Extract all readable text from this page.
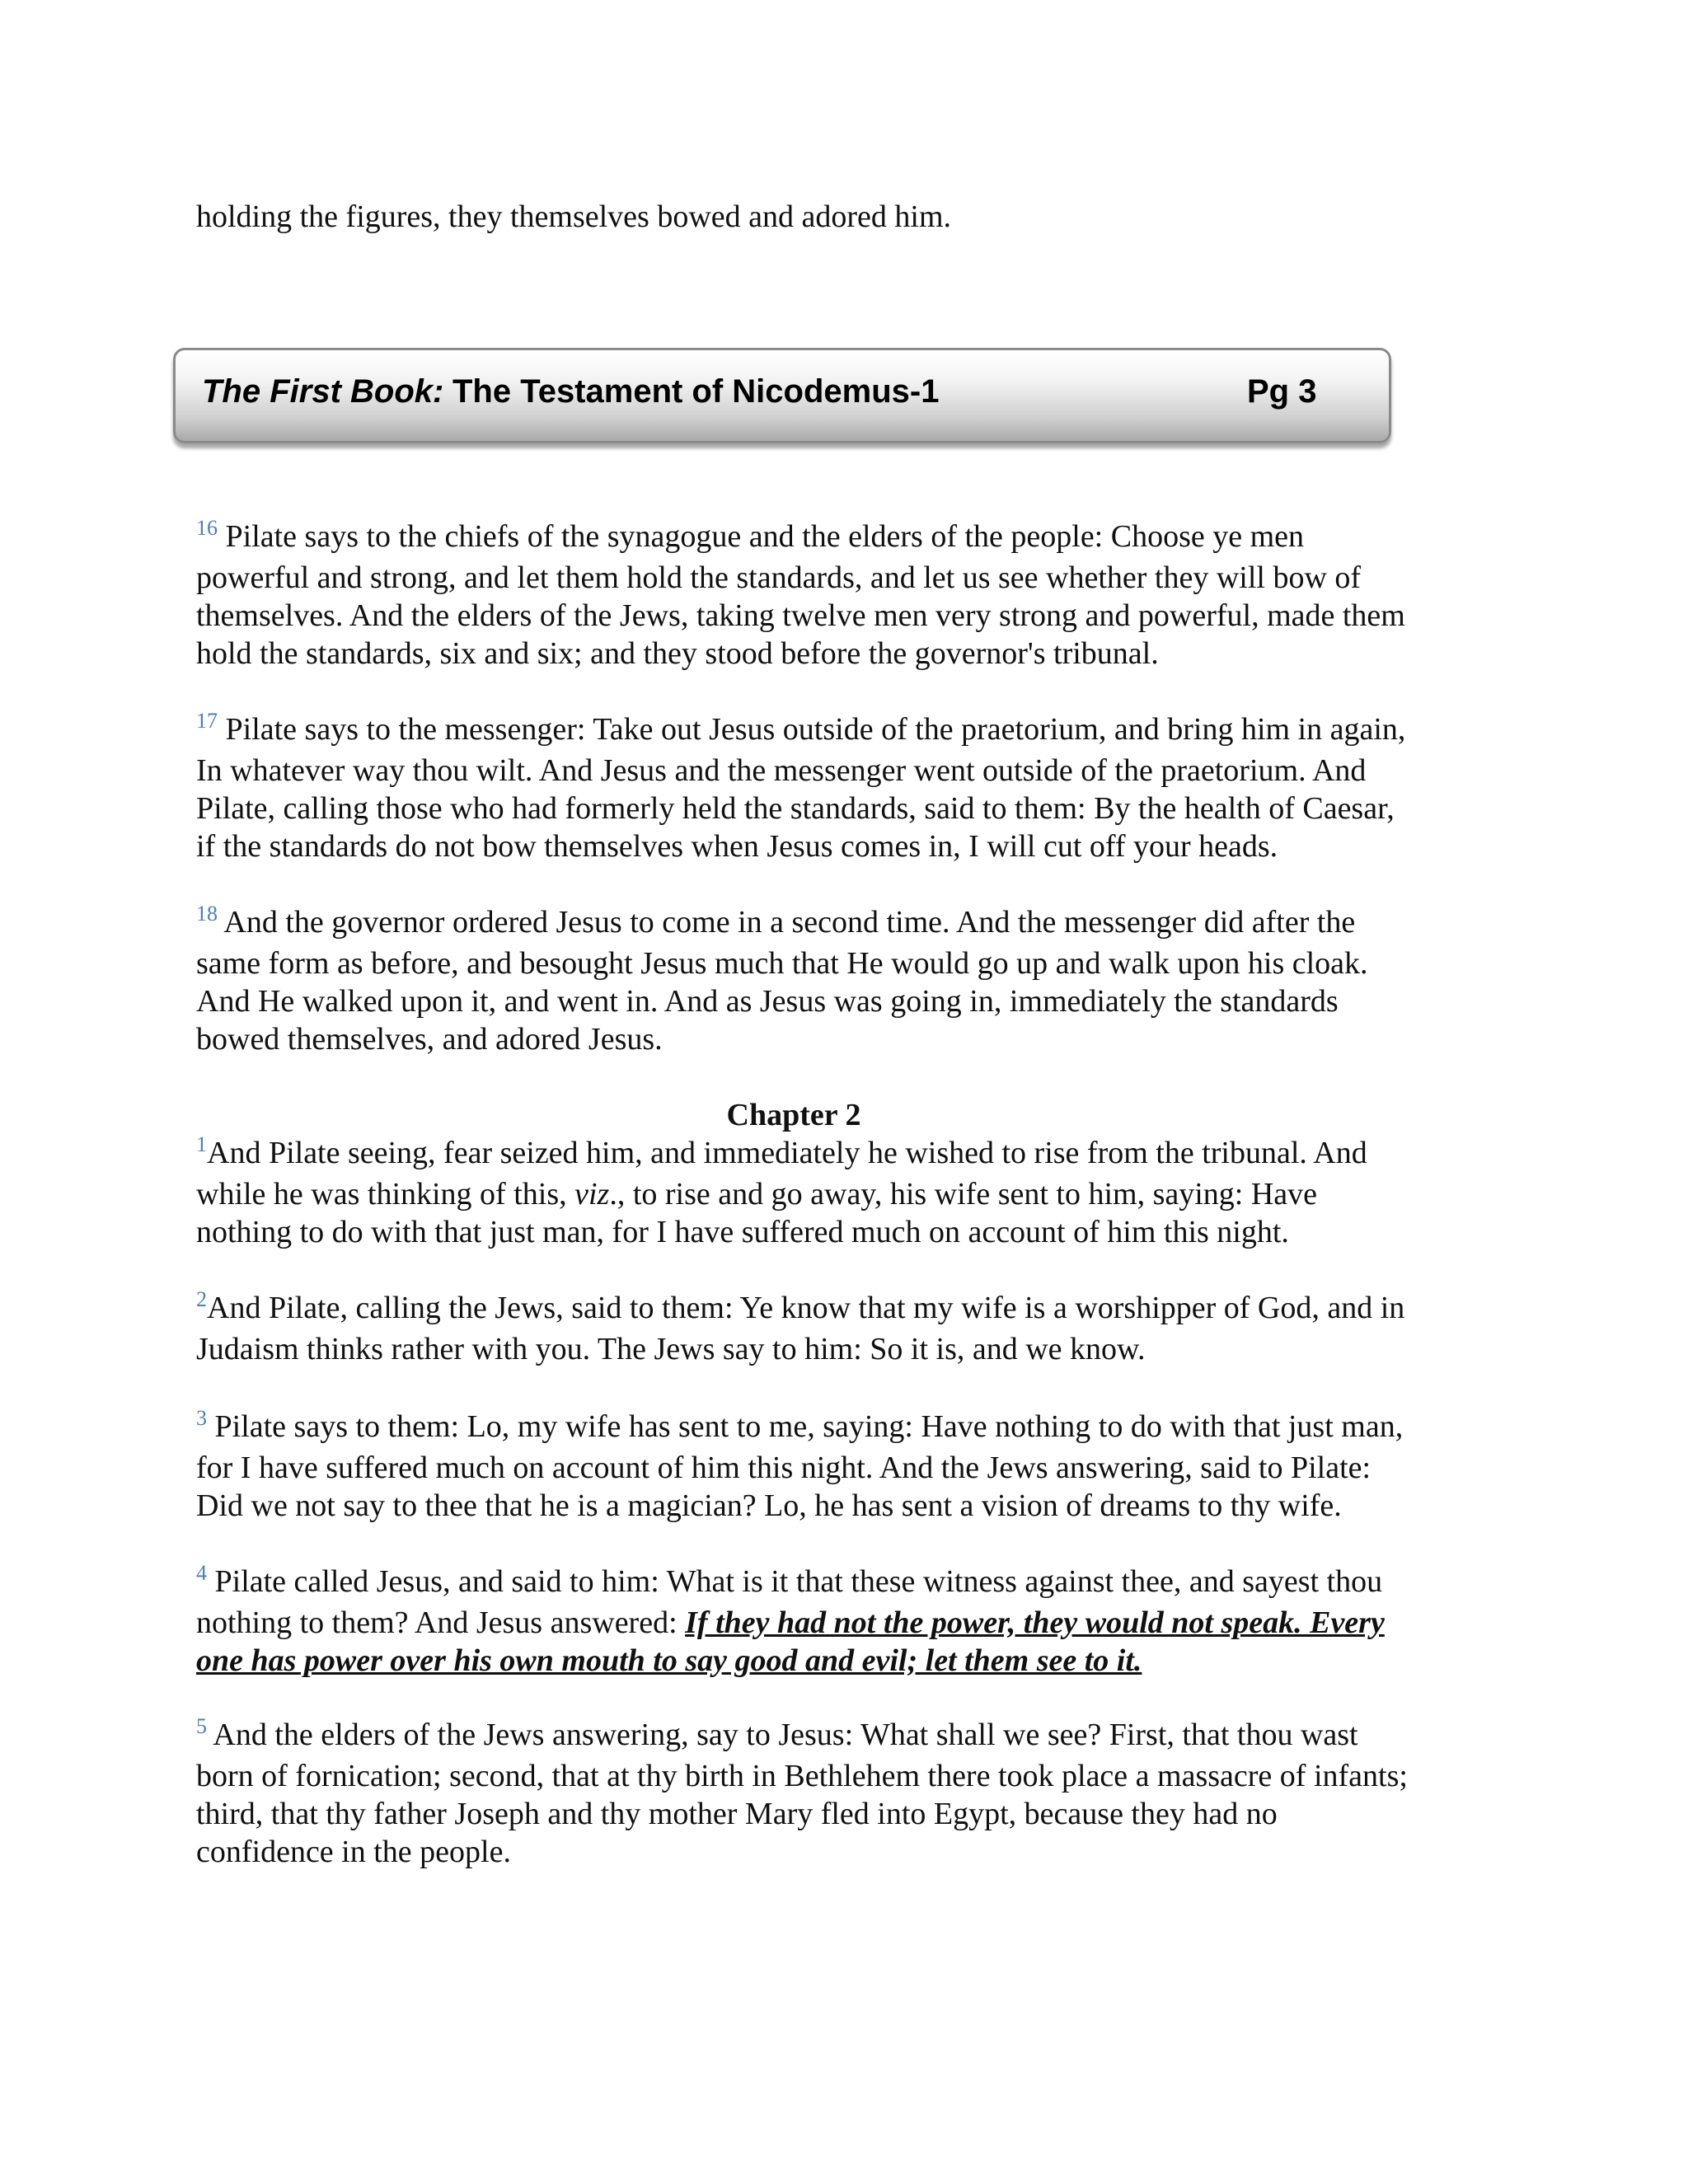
holding the figures, they themselves bowed and adored him.
The First Book: The Testament of Nicodemus-1	Pg 3
$^{16}$ Pilate says to the chiefs of the synagogue and the elders of the people: Choose ye men
powerful and strong, and let them hold the standards, and let us see whether they will bow of
themselves. And the elders of the Jews, taking twelve men very strong and powerful, made them
hold the standards, six and six; and they stood before the governor's tribunal.
$^{17}$ Pilate says to the messenger: Take out Jesus outside of the praetorium, and bring him in again,
In whatever way thou wilt. And Jesus and the messenger went outside of the praetorium. And
Pilate, calling those who had formerly held the standards, said to them: By the health of Caesar,
if the standards do not bow themselves when Jesus comes in, I will cut off your heads.
$^{18}$ And the governor ordered Jesus to come in a second time. And the messenger did after the
same form as before, and besought Jesus much that He would go up and walk upon his cloak.
And He walked upon it, and went in. And as Jesus was going in, immediately the standards
bowed themselves, and adored Jesus.
Chapter 2
$^1$And Pilate seeing, fear seized him, and immediately he wished to rise from the tribunal. And
while he was thinking of this, viz., to rise and go away, his wife sent to him, saying: Have
nothing to do with that just man, for I have suffered much on account of him this night.
$^2$And Pilate, calling the Jews, said to them: Ye know that my wife is a worshipper of God, and in
Judaism thinks rather with you. The Jews say to him: So it is, and we know.
$^3$ Pilate says to them: Lo, my wife has sent to me, saying: Have nothing to do with that just man,
for I have suffered much on account of him this night. And the Jews answering, said to Pilate:
Did we not say to thee that he is a magician? Lo, he has sent a vision of dreams to thy wife.
$^4$ Pilate called Jesus, and said to him: What is it that these witness against thee, and sayest thou
nothing to them? And Jesus answered: If they had not the power, they would not speak. Every
one has power over his own mouth to say good and evil; let them see to it.
$^5$ And the elders of the Jews answering, say to Jesus: What shall we see? First, that thou wast
born of fornication; second, that at thy birth in Bethlehem there took place a massacre of infants;
third, that thy father Joseph and thy mother Mary fled into Egypt, because they had no
confidence in the people.
